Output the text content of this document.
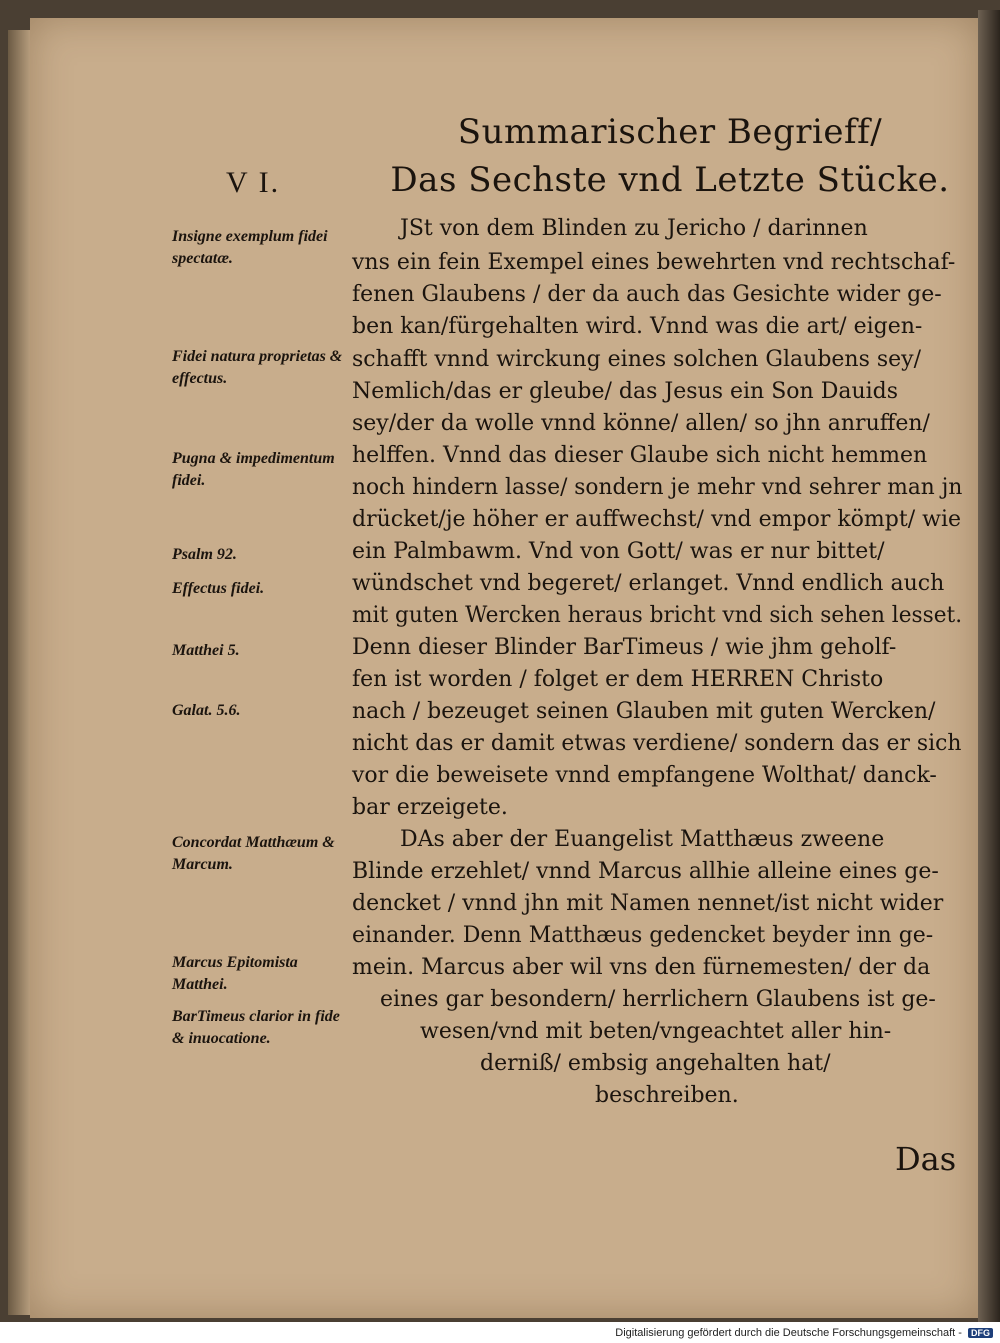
Summarischer Begrieff/
V I.	Das Sechste vnd Letzte Stücke.
Insigne exemplum fidei spectatæ.
Fidei natura proprietas & effectus.
Pugna & impedimentum fidei.
Psalm 92.
Effectus fidei.
Matthei 5.
Galat. 5.6.
Concordat Matthæum & Marcum.
Marcus Epitomista Matthei.
BarTimeus clarior in fide & inuocatione.
JSt von dem Blinden zu Jericho / darinnen
vns ein fein Exempel eines bewehrten vnd rechtschaf-
fenen Glaubens / der da auch das Gesichte wider ge-
ben kan/fürgehalten wird. Vnnd was die art/ eigen-
schafft vnnd wirckung eines solchen Glaubens sey/
Nemlich/das er gleube/ das Jesus ein Son Dauids
sey/der da wolle vnnd könne/ allen/ so jhn anruffen/
helffen. Vnnd das dieser Glaube sich nicht hemmen
noch hindern lasse/ sondern je mehr vnd sehrer man jn
drücket/je höher er auffwechst/ vnd empor kömpt/ wie
ein Palmbawm. Vnd von Gott/ was er nur bittet/
wündschet vnd begeret/ erlanget. Vnnd endlich auch
mit guten Wercken heraus bricht vnd sich sehen lesset.
Denn dieser Blinder BarTimeus / wie jhm geholf-
fen ist worden / folget er dem HERREN Christo
nach / bezeuget seinen Glauben mit guten Wercken/
nicht das er damit etwas verdiene/ sondern das er sich
vor die beweisete vnnd empfangene Wolthat/ danck-
bar erzeigete.
DAs aber der Euangelist Matthæus zweene
Blinde erzehlet/ vnnd Marcus allhie alleine eines ge-
dencket / vnnd jhn mit Namen nennet/ist nicht wider
einander. Denn Matthæus gedencket beyder inn ge-
mein. Marcus aber wil vns den fürnemesten/ der da
eines gar besondern/ herrlichern Glaubens ist ge-
wesen/vnd mit beten/vngeachtet aller hin-
derniß/ embsig angehalten hat/
beschreiben.
Das
Digitalisierung gefördert durch die Deutsche Forschungsgemeinschaft - DFG
